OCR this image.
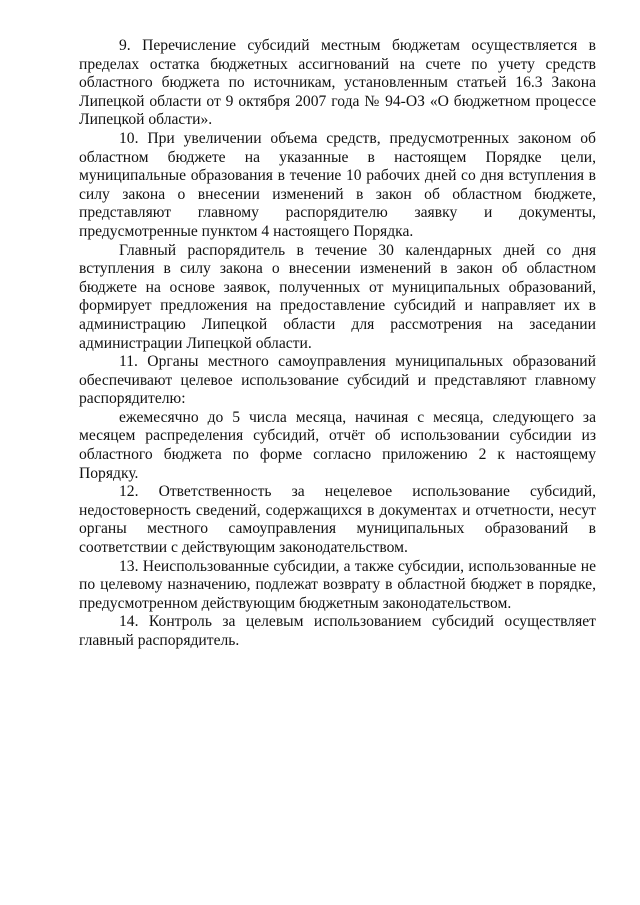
9. Перечисление субсидий местным бюджетам осуществляется в пределах остатка бюджетных ассигнований на счете по учету средств областного бюджета по источникам, установленным статьей 16.3 Закона Липецкой области от 9 октября 2007 года № 94-ОЗ «О бюджетном процессе Липецкой области».

10. При увеличении объема средств, предусмотренных законом об областном бюджете на указанные в настоящем Порядке цели, муниципальные образования в течение 10 рабочих дней со дня вступления в силу закона о внесении изменений в закон об областном бюджете, представляют главному распорядителю заявку и документы, предусмотренные пунктом 4 настоящего Порядка.

Главный распорядитель в течение 30 календарных дней со дня вступления в силу закона о внесении изменений в закон об областном бюджете на основе заявок, полученных от муниципальных образований, формирует предложения на предоставление субсидий и направляет их в администрацию Липецкой области для рассмотрения на заседании администрации Липецкой области.

11. Органы местного самоуправления муниципальных образований обеспечивают целевое использование субсидий и представляют главному распорядителю:

ежемесячно до 5 числа месяца, начиная с месяца, следующего за месяцем распределения субсидий, отчёт об использовании субсидии из областного бюджета по форме согласно приложению 2 к настоящему Порядку.

12. Ответственность за нецелевое использование субсидий, недостоверность сведений, содержащихся в документах и отчетности, несут органы местного самоуправления муниципальных образований в соответствии с действующим законодательством.

13. Неиспользованные субсидии, а также субсидии, использованные не по целевому назначению, подлежат возврату в областной бюджет в порядке, предусмотренном действующим бюджетным законодательством.

14. Контроль за целевым использованием субсидий осуществляет главный распорядитель.
